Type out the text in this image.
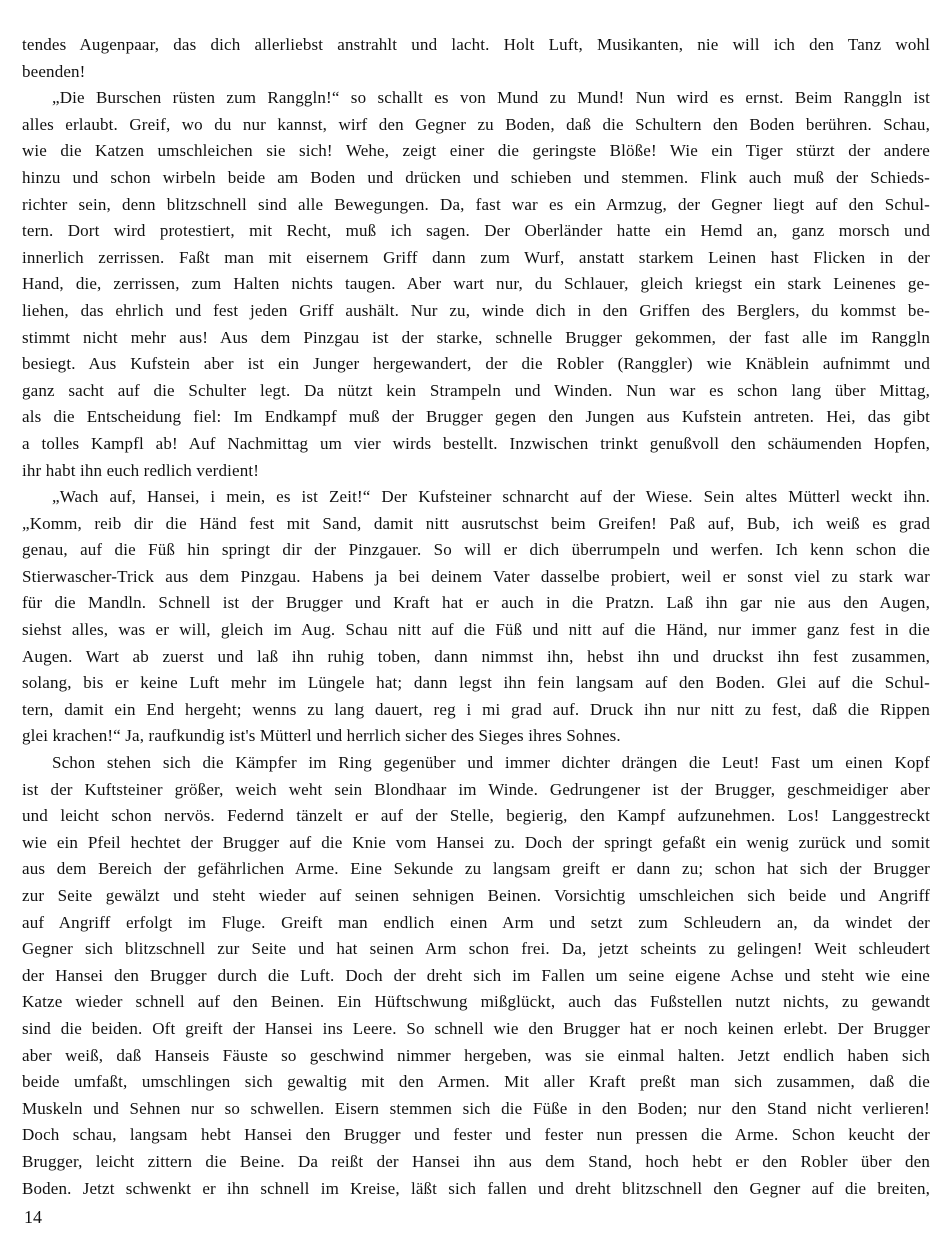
tendes Augenpaar, das dich allerliebst anstrahlt und lacht. Holt Luft, Musikanten, nie will ich den Tanz wohl
beenden!
„Die Burschen rüsten zum Ranggln!“ so schallt es von Mund zu Mund! Nun wird es ernst. Beim Ranggln ist
alles erlaubt. Greif, wo du nur kannst, wirf den Gegner zu Boden, daß die Schultern den Boden berühren. Schau,
wie die Katzen umschleichen sie sich! Wehe, zeigt einer die geringste Blöße! Wie ein Tiger stürzt der andere
hinzu und schon wirbeln beide am Boden und drücken und schieben und stemmen. Flink auch muß der Schieds-
richter sein, denn blitzschnell sind alle Bewegungen. Da, fast war es ein Armzug, der Gegner liegt auf den Schul-
tern. Dort wird protestiert, mit Recht, muß ich sagen. Der Oberländer hatte ein Hemd an, ganz morsch und
innerlich zerrissen. Faßt man mit eisernem Griff dann zum Wurf, anstatt starkem Leinen hast Flicken in der
Hand, die, zerrissen, zum Halten nichts taugen. Aber wart nur, du Schlauer, gleich kriegst ein stark Leinenes ge-
liehen, das ehrlich und fest jeden Griff aushält. Nur zu, winde dich in den Griffen des Berglers, du kommst be-
stimmt nicht mehr aus! Aus dem Pinzgau ist der starke, schnelle Brugger gekommen, der fast alle im Ranggln
besiegt. Aus Kufstein aber ist ein Junger hergewandert, der die Robler (Ranggler) wie Knäblein aufnimmt und
ganz sacht auf die Schulter legt. Da nützt kein Strampeln und Winden. Nun war es schon lang über Mittag,
als die Entscheidung fiel: Im Endkampf muß der Brugger gegen den Jungen aus Kufstein antreten. Hei, das gibt
a tolles Kampfl ab! Auf Nachmittag um vier wirds bestellt. Inzwischen trinkt genußvoll den schäumenden Hopfen,
ihr habt ihn euch redlich verdient!
„Wach auf, Hansei, i mein, es ist Zeit!“ Der Kufsteiner schnarcht auf der Wiese. Sein altes Mütterl weckt ihn.
„Komm, reib dir die Händ fest mit Sand, damit nitt ausrutschst beim Greifen! Paß auf, Bub, ich weiß es grad
genau, auf die Füß hin springt dir der Pinzgauer. So will er dich überrumpeln und werfen. Ich kenn schon die
Stierwascher-Trick aus dem Pinzgau. Habens ja bei deinem Vater dasselbe probiert, weil er sonst viel zu stark war
für die Mandln. Schnell ist der Brugger und Kraft hat er auch in die Pratzn. Laß ihn gar nie aus den Augen,
siehst alles, was er will, gleich im Aug. Schau nitt auf die Füß und nitt auf die Händ, nur immer ganz fest in die
Augen. Wart ab zuerst und laß ihn ruhig toben, dann nimmst ihn, hebst ihn und druckst ihn fest zusammen,
solang, bis er keine Luft mehr im Lüngele hat; dann legst ihn fein langsam auf den Boden. Glei auf die Schul-
tern, damit ein End hergeht; wenns zu lang dauert, reg i mi grad auf. Druck ihn nur nitt zu fest, daß die Rippen
glei krachen!“ Ja, raufkundig ist's Mütterl und herrlich sicher des Sieges ihres Sohnes.
Schon stehen sich die Kämpfer im Ring gegenüber und immer dichter drängen die Leut! Fast um einen Kopf
ist der Kuftsteiner größer, weich weht sein Blondhaar im Winde. Gedrungener ist der Brugger, geschmeidiger aber
und leicht schon nervös. Federnd tänzelt er auf der Stelle, begierig, den Kampf aufzunehmen. Los! Langgestreckt
wie ein Pfeil hechtet der Brugger auf die Knie vom Hansei zu. Doch der springt gefaßt ein wenig zurück und somit
aus dem Bereich der gefährlichen Arme. Eine Sekunde zu langsam greift er dann zu; schon hat sich der Brugger
zur Seite gewälzt und steht wieder auf seinen sehnigen Beinen. Vorsichtig umschleichen sich beide und Angriff
auf Angriff erfolgt im Fluge. Greift man endlich einen Arm und setzt zum Schleudern an, da windet der
Gegner sich blitzschnell zur Seite und hat seinen Arm schon frei. Da, jetzt scheints zu gelingen! Weit schleudert
der Hansei den Brugger durch die Luft. Doch der dreht sich im Fallen um seine eigene Achse und steht wie eine
Katze wieder schnell auf den Beinen. Ein Hüftschwung mißglückt, auch das Fußstellen nutzt nichts, zu gewandt
sind die beiden. Oft greift der Hansei ins Leere. So schnell wie den Brugger hat er noch keinen erlebt. Der Brugger
aber weiß, daß Hanseis Fäuste so geschwind nimmer hergeben, was sie einmal halten. Jetzt endlich haben sich
beide umfaßt, umschlingen sich gewaltig mit den Armen. Mit aller Kraft preßt man sich zusammen, daß die
Muskeln und Sehnen nur so schwellen. Eisern stemmen sich die Füße in den Boden; nur den Stand nicht verlieren!
Doch schau, langsam hebt Hansei den Brugger und fester und fester nun pressen die Arme. Schon keucht der
Brugger, leicht zittern die Beine. Da reißt der Hansei ihn aus dem Stand, hoch hebt er den Robler über den
Boden. Jetzt schwenkt er ihn schnell im Kreise, läßt sich fallen und dreht blitzschnell den Gegner auf die breiten,
14
